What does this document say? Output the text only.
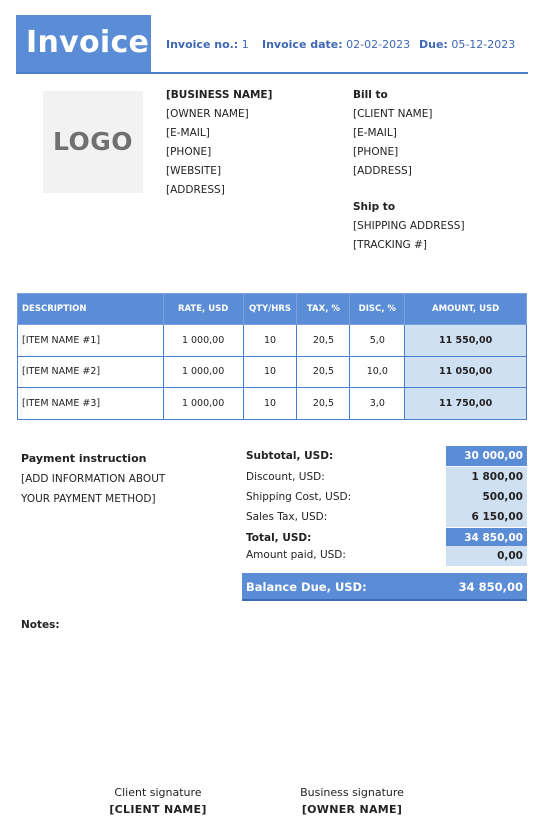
Invoice Invoice no.: 1 Invoice date: 02-02-2023 Due: 05-12-2023
LOGO
[BUSINESS NAME]
[OWNER NAME]
[E-MAIL]
[PHONE]
[WEBSITE]
[ADDRESS]
Bill to
[CLIENT NAME]
[E-MAIL]
[PHONE]
[ADDRESS]
Ship to
[SHIPPING ADDRESS]
[TRACKING #]
DESCRIPTION	RATE, USD	QTY/HRS	TAX, %	DISC, %	AMOUNT, USD
[ITEM NAME #1]	1 000,00	10	20,5	5,0	11 550,00
[ITEM NAME #2]	1 000,00	10	20,5	10,0	11 050,00
[ITEM NAME #3]	1 000,00	10	20,5	3,0	11 750,00
Payment instruction
[ADD INFORMATION ABOUT
YOUR PAYMENT METHOD]
Subtotal, USD:	30 000,00
Discount, USD:	1 800,00
Shipping Cost, USD:	500,00
Sales Tax, USD:	6 150,00
Total, USD:	34 850,00
Amount paid, USD:	0,00
Balance Due, USD:	34 850,00
Notes:
Client signature
[CLIENT NAME]
Business signature
[OWNER NAME]
